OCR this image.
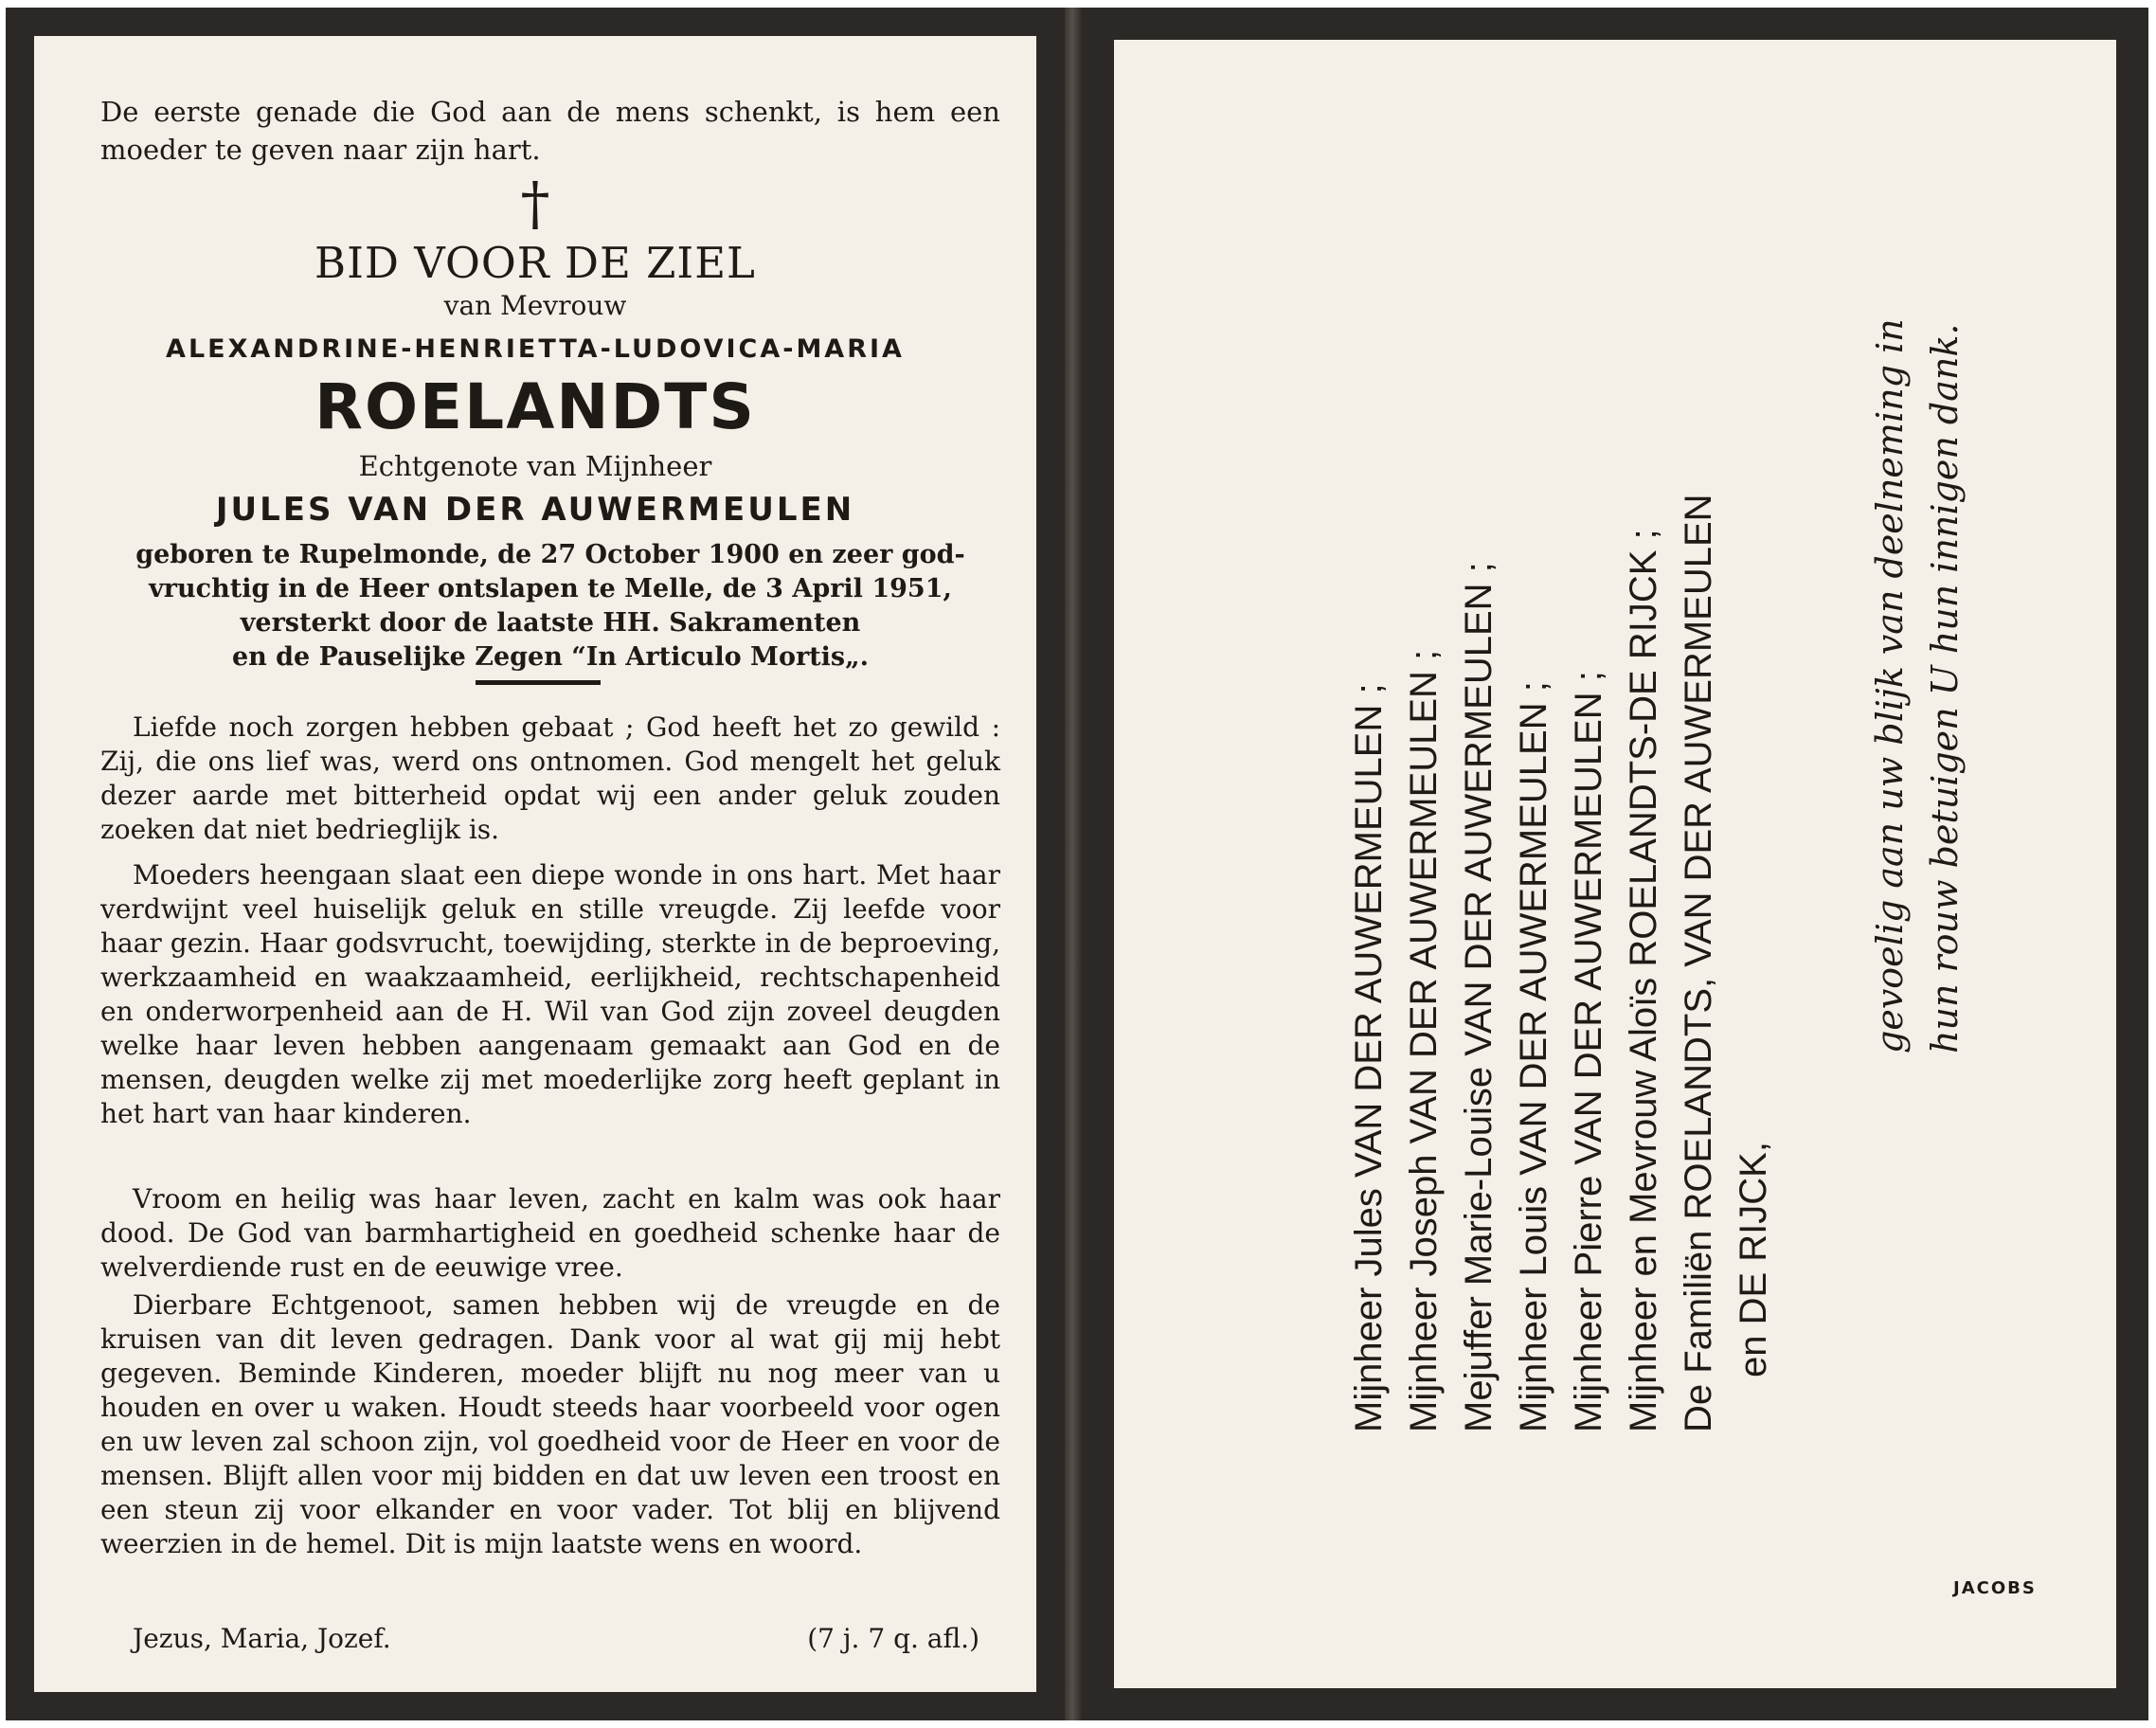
De eerste genade die God aan de mens schenkt, is hem een moeder te geven naar zijn hart.
†
BID VOOR DE ZIEL
van Mevrouw
ALEXANDRINE-HENRIETTA-LUDOVICA-MARIA
ROELANDTS
Echtgenote van Mijnheer
JULES VAN DER AUWERMEULEN
geboren te Rupelmonde, de 27 October 1900 en zeer god-
vruchtig in de Heer ontslapen te Melle, de 3 April 1951,
versterkt door de laatste HH. Sakramenten
en de Pauselijke Zegen “In Articulo Mortis„.
Liefde noch zorgen hebben gebaat ; God heeft het zo gewild : Zij, die ons lief was, werd ons ontnomen. God mengelt het geluk dezer aarde met bitterheid opdat wij een ander geluk zouden zoeken dat niet bedrieglijk is.
Moeders heengaan slaat een diepe wonde in ons hart. Met haar verdwijnt veel huiselijk geluk en stille vreugde. Zij leefde voor haar gezin. Haar godsvrucht, toewijding, sterkte in de beproeving, werkzaamheid en waakzaamheid, eerlijkheid, rechtschapenheid en onderworpenheid aan de H. Wil van God zijn zoveel deugden welke haar leven hebben aangenaam gemaakt aan God en de mensen, deugden welke zij met moederlijke zorg heeft geplant in het hart van haar kinderen.
Vroom en heilig was haar leven, zacht en kalm was ook haar dood. De God van barmhartigheid en goedheid schenke haar de welverdiende rust en de eeuwige vree.
Dierbare Echtgenoot, samen hebben wij de vreugde en de kruisen van dit leven gedragen. Dank voor al wat gij mij hebt gegeven. Beminde Kinderen, moeder blijft nu nog meer van u houden en over u waken. Houdt steeds haar voorbeeld voor ogen en uw leven zal schoon zijn, vol goedheid voor de Heer en voor de mensen. Blijft allen voor mij bidden en dat uw leven een troost en een steun zij voor elkander en voor vader. Tot blij en blijvend weerzien in de hemel. Dit is mijn laatste wens en woord.
Jezus, Maria, Jozef.	(7 j. 7 q. afl.)
Mijnheer Jules VAN DER AUWERMEULEN ; Mijnheer Joseph VAN DER AUWERMEULEN ; Mejuffer Marie-Louise VAN DER AUWERMEULEN ; Mijnheer Louis VAN DER AUWERMEULEN ; Mijnheer Pierre VAN DER AUWERMEULEN ; Mijnheer en Mevrouw Aloïs ROELANDTS-DE RIJCK ; De Familiën ROELANDTS, VAN DER AUWERMEULEN en DE RIJCK,
gevoelig aan uw blijk van deelneming in hun rouw betuigen U hun innigen dank.
JACOBS
